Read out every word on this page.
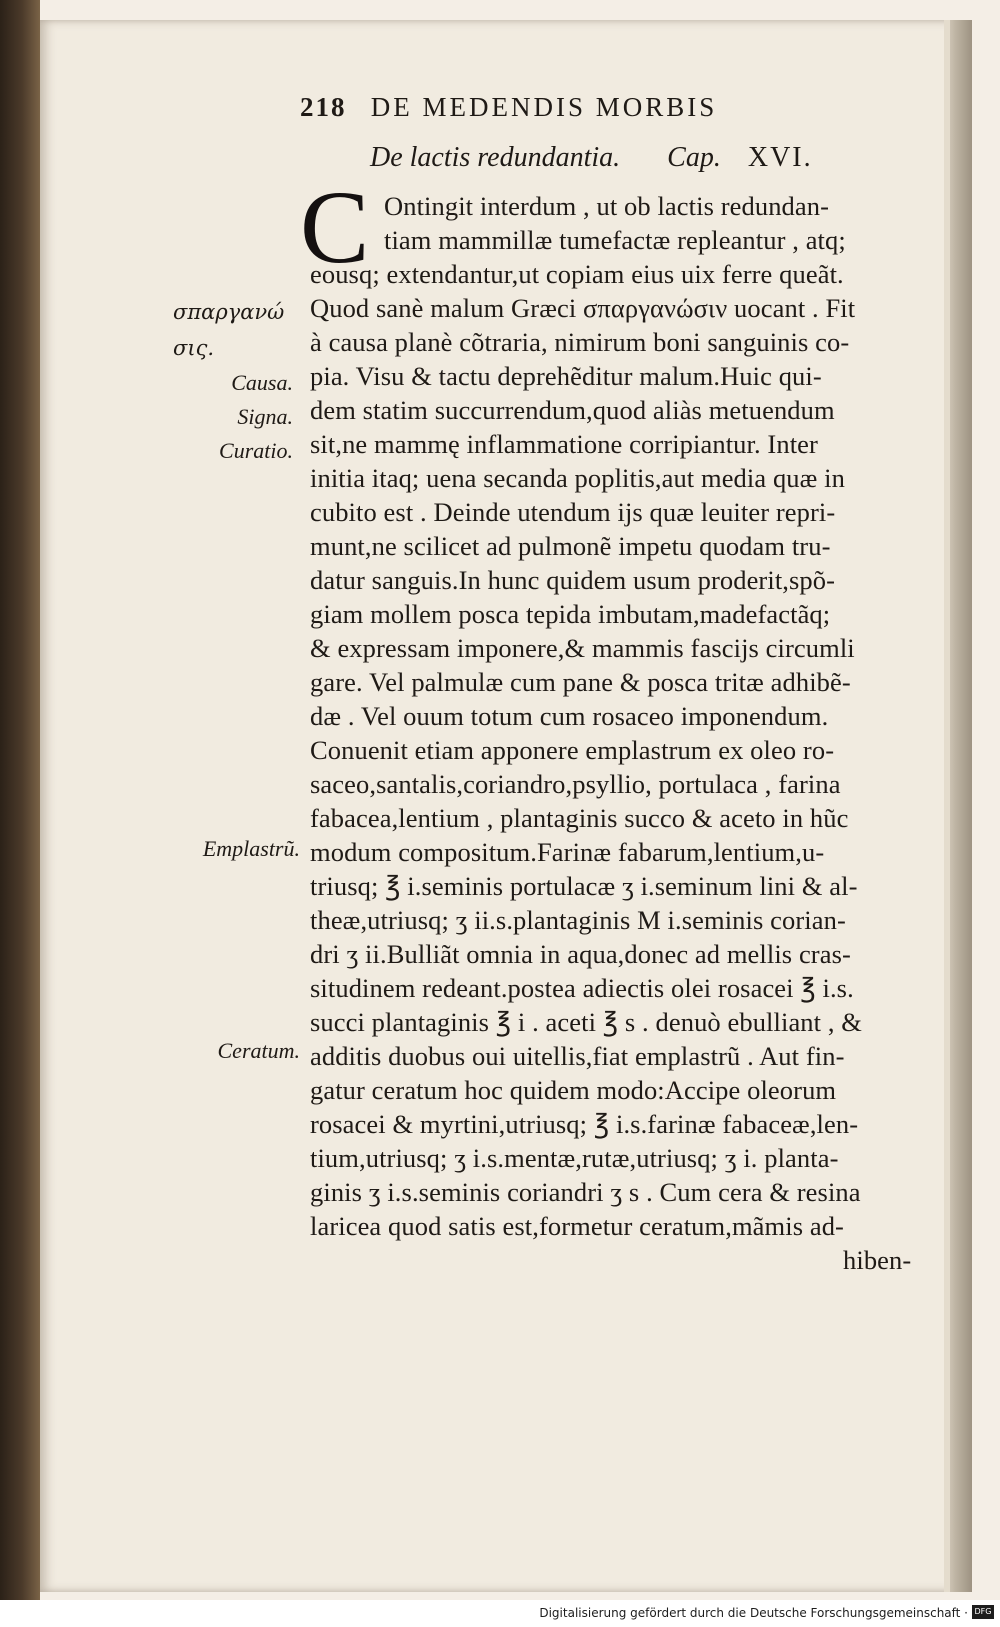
218 DE MEDENDIS MORBIS
De lactis redundantia. Cap. XVI.
C
σπαργανώ
σις.
Causa.
Signa.
Curatio.
Emplastrũ.
Ceratum.
Ontingit interdum , ut ob lactis redundan-
tiam mammillæ tumefactæ repleantur , atq;
eousq; extendantur,ut copiam eius uix ferre queãt.
Quod sanè malum Græci σπαργανώσιν uocant . Fit
à causa planè cõtraria, nimirum boni sanguinis co-
pia. Visu & tactu deprehẽditur malum.Huic qui-
dem statim succurrendum,quod aliàs metuendum
sit,ne mammę inflammatione corripiantur. Inter
initia itaq; uena secanda poplitis,aut media quæ in
cubito est . Deinde utendum ijs quæ leuiter repri-
munt,ne scilicet ad pulmonẽ impetu quodam tru-
datur sanguis.In hunc quidem usum proderit,spõ-
giam mollem posca tepida imbutam,madefactãq;
& expressam imponere,& mammis fascijs circumli
gare. Vel palmulæ cum pane & posca tritæ adhibẽ-
dæ . Vel ouum totum cum rosaceo imponendum.
Conuenit etiam apponere emplastrum ex oleo ro-
saceo,santalis,coriandro,psyllio, portulaca , farina
fabacea,lentium , plantaginis succo & aceto in hũc
modum compositum.Farinæ fabarum,lentium,u-
triusq; ℥ i.seminis portulacæ ʒ i.seminum lini & al-
theæ,utriusq; ʒ ii.s.plantaginis M i.seminis corian-
dri ʒ ii.Bulliãt omnia in aqua,donec ad mellis cras-
situdinem redeant.postea adiectis olei rosacei ℥ i.s.
succi plantaginis ℥ i . aceti ℥ s . denuò ebulliant , &
additis duobus oui uitellis,fiat emplastrũ . Aut fin-
gatur ceratum hoc quidem modo:Accipe oleorum
rosacei & myrtini,utriusq; ℥ i.s.farinæ fabaceæ,len-
tium,utriusq; ʒ i.s.mentæ,rutæ,utriusq; ʒ i. planta-
ginis ʒ i.s.seminis coriandri ʒ s . Cum cera & resina
laricea quod satis est,formetur ceratum,mãmis ad-
hiben-
Digitalisierung gefördert durch die Deutsche Forschungsgemeinschaft · DFG
